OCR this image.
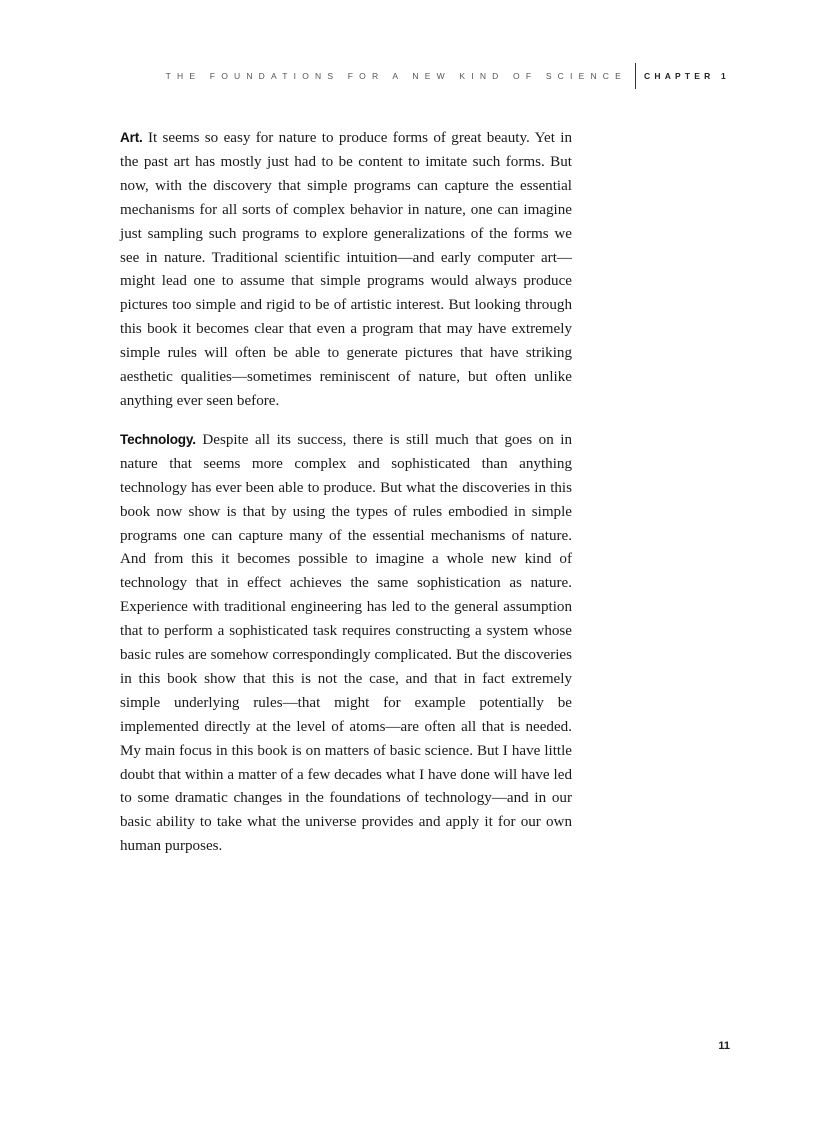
THE FOUNDATIONS FOR A NEW KIND OF SCIENCE	CHAPTER 1

Art. It seems so easy for nature to produce forms of great beauty. Yet in the past art has mostly just had to be content to imitate such forms. But now, with the discovery that simple programs can capture the essential mechanisms for all sorts of complex behavior in nature, one can imagine just sampling such programs to explore generalizations of the forms we see in nature. Traditional scientific intuition—and early computer art—might lead one to assume that simple programs would always produce pictures too simple and rigid to be of artistic interest. But looking through this book it becomes clear that even a program that may have extremely simple rules will often be able to generate pictures that have striking aesthetic qualities—sometimes reminiscent of nature, but often unlike anything ever seen before.

Technology. Despite all its success, there is still much that goes on in nature that seems more complex and sophisticated than anything technology has ever been able to produce. But what the discoveries in this book now show is that by using the types of rules embodied in simple programs one can capture many of the essential mechanisms of nature. And from this it becomes possible to imagine a whole new kind of technology that in effect achieves the same sophistication as nature. Experience with traditional engineering has led to the general assumption that to perform a sophisticated task requires constructing a system whose basic rules are somehow correspondingly complicated. But the discoveries in this book show that this is not the case, and that in fact extremely simple underlying rules—that might for example potentially be implemented directly at the level of atoms—are often all that is needed. My main focus in this book is on matters of basic science. But I have little doubt that within a matter of a few decades what I have done will have led to some dramatic changes in the foundations of technology—and in our basic ability to take what the universe provides and apply it for our own human purposes.

11
